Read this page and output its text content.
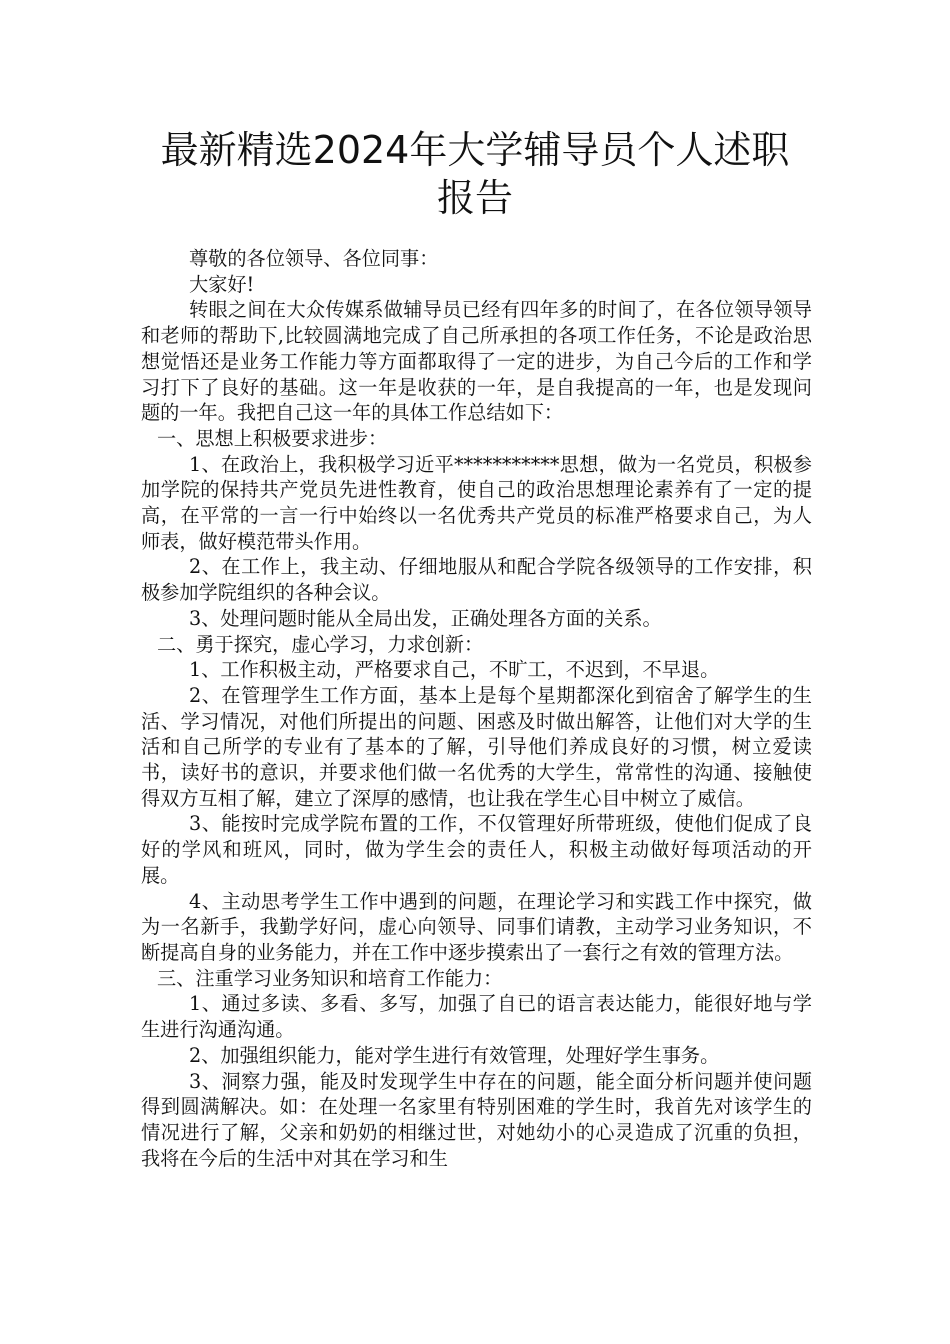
最新精选2024年大学辅导员个人述职
报告

尊敬的各位领导、各位同事：

大家好!

转眼之间在大众传媒系做辅导员已经有四年多的时间了，在各位领导领导和老师的帮助下,比较圆满地完成了自己所承担的各项工作任务，不论是政治思想觉悟还是业务工作能力等方面都取得了一定的进步，为自己今后的工作和学习打下了良好的基础。这一年是收获的一年，是自我提高的一年，也是发现问题的一年。我把自己这一年的具体工作总结如下：

一、思想上积极要求进步：

1、在政治上，我积极学习近平***********思想，做为一名党员，积极参加学院的保持共产党员先进性教育，使自己的政治思想理论素养有了一定的提高，在平常的一言一行中始终以一名优秀共产党员的标准严格要求自己，为人师表，做好模范带头作用。

2、在工作上，我主动、仔细地服从和配合学院各级领导的工作安排，积极参加学院组织的各种会议。

3、处理问题时能从全局出发，正确处理各方面的关系。

二、勇于探究，虚心学习，力求创新：

1、工作积极主动，严格要求自己，不旷工，不迟到，不早退。

2、在管理学生工作方面，基本上是每个星期都深化到宿舍了解学生的生活、学习情况，对他们所提出的问题、困惑及时做出解答，让他们对大学的生活和自己所学的专业有了基本的了解，引导他们养成良好的习惯，树立爱读书，读好书的意识，并要求他们做一名优秀的大学生，常常性的沟通、接触使得双方互相了解，建立了深厚的感情，也让我在学生心目中树立了威信。

3、能按时完成学院布置的工作，不仅管理好所带班级，使他们促成了良好的学风和班风，同时，做为学生会的责任人，积极主动做好每项活动的开展。

4、主动思考学生工作中遇到的问题，在理论学习和实践工作中探究，做为一名新手，我勤学好问，虚心向领导、同事们请教，主动学习业务知识，不断提高自身的业务能力，并在工作中逐步摸索出了一套行之有效的管理方法。

三、注重学习业务知识和培育工作能力：

1、通过多读、多看、多写，加强了自已的语言表达能力，能很好地与学生进行沟通沟通。

2、加强组织能力，能对学生进行有效管理，处理好学生事务。

3、洞察力强，能及时发现学生中存在的问题，能全面分析问题并使问题得到圆满解决。如：在处理一名家里有特别困难的学生时，我首先对该学生的情况进行了解，父亲和奶奶的相继过世，对她幼小的心灵造成了沉重的负担，我将在今后的生活中对其在学习和生
